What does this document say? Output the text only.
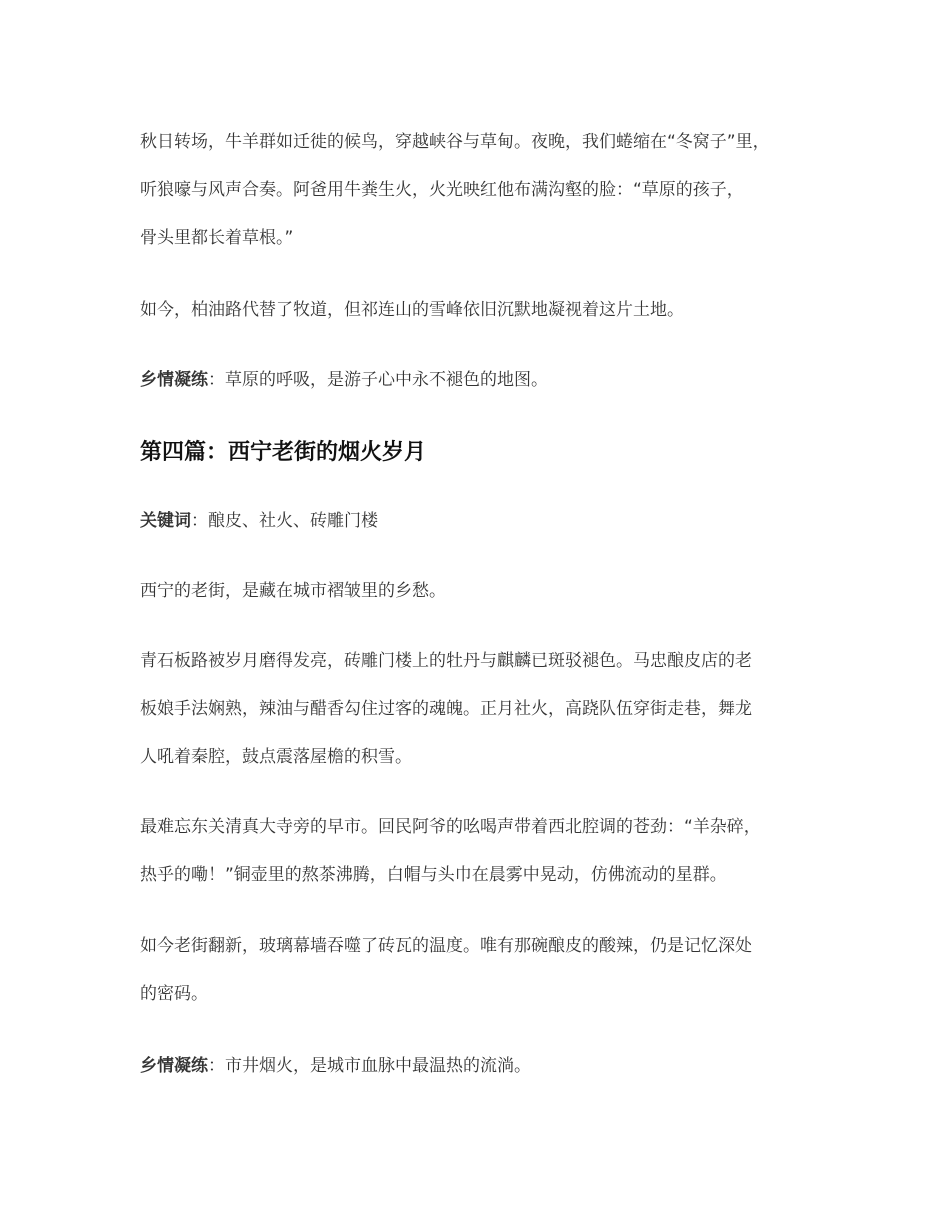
秋日转场，牛羊群如迁徙的候鸟，穿越峡谷与草甸。夜晚，我们蜷缩在“冬窝子”里，
听狼嚎与风声合奏。阿爸用牛粪生火，火光映红他布满沟壑的脸：“草原的孩子，
骨头里都长着草根。”

如今，柏油路代替了牧道，但祁连山的雪峰依旧沉默地凝视着这片土地。

乡情凝练：草原的呼吸，是游子心中永不褪色的地图。

第四篇：西宁老街的烟火岁月

关键词：酿皮、社火、砖雕门楼

西宁的老街，是藏在城市褶皱里的乡愁。

青石板路被岁月磨得发亮，砖雕门楼上的牡丹与麒麟已斑驳褪色。马忠酿皮店的老
板娘手法娴熟，辣油与醋香勾住过客的魂魄。正月社火，高跷队伍穿街走巷，舞龙
人吼着秦腔，鼓点震落屋檐的积雪。

最难忘东关清真大寺旁的早市。回民阿爷的吆喝声带着西北腔调的苍劲：“羊杂碎，
热乎的嘞！”铜壶里的熬茶沸腾，白帽与头巾在晨雾中晃动，仿佛流动的星群。

如今老街翻新，玻璃幕墙吞噬了砖瓦的温度。唯有那碗酿皮的酸辣，仍是记忆深处
的密码。

乡情凝练：市井烟火，是城市血脉中最温热的流淌。
